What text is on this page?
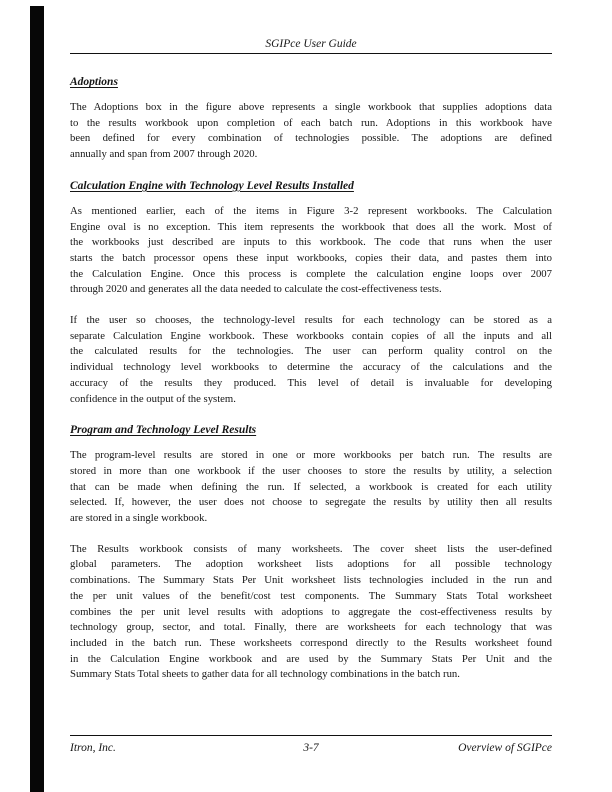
SGIPce User Guide
Adoptions
The Adoptions box in the figure above represents a single workbook that supplies adoptions data
to the results workbook upon completion of each batch run. Adoptions in this workbook have
been defined for every combination of technologies possible. The adoptions are defined
annually and span from 2007 through 2020.
Calculation Engine with Technology Level Results Installed
As mentioned earlier, each of the items in Figure 3-2 represent workbooks. The Calculation
Engine oval is no exception. This item represents the workbook that does all the work. Most of
the workbooks just described are inputs to this workbook. The code that runs when the user
starts the batch processor opens these input workbooks, copies their data, and pastes them into
the Calculation Engine. Once this process is complete the calculation engine loops over 2007
through 2020 and generates all the data needed to calculate the cost-effectiveness tests.
If the user so chooses, the technology-level results for each technology can be stored as a
separate Calculation Engine workbook. These workbooks contain copies of all the inputs and all
the calculated results for the technologies. The user can perform quality control on the
individual technology level workbooks to determine the accuracy of the calculations and the
accuracy of the results they produced. This level of detail is invaluable for developing
confidence in the output of the system.
Program and Technology Level Results
The program-level results are stored in one or more workbooks per batch run. The results are
stored in more than one workbook if the user chooses to store the results by utility, a selection
that can be made when defining the run. If selected, a workbook is created for each utility
selected. If, however, the user does not choose to segregate the results by utility then all results
are stored in a single workbook.
The Results workbook consists of many worksheets. The cover sheet lists the user-defined
global parameters. The adoption worksheet lists adoptions for all possible technology
combinations. The Summary Stats Per Unit worksheet lists technologies included in the run and
the per unit values of the benefit/cost test components. The Summary Stats Total worksheet
combines the per unit level results with adoptions to aggregate the cost-effectiveness results by
technology group, sector, and total. Finally, there are worksheets for each technology that was
included in the batch run. These worksheets correspond directly to the Results worksheet found
in the Calculation Engine workbook and are used by the Summary Stats Per Unit and the
Summary Stats Total sheets to gather data for all technology combinations in the batch run.
Itron, Inc.	3-7	Overview of SGIPce
